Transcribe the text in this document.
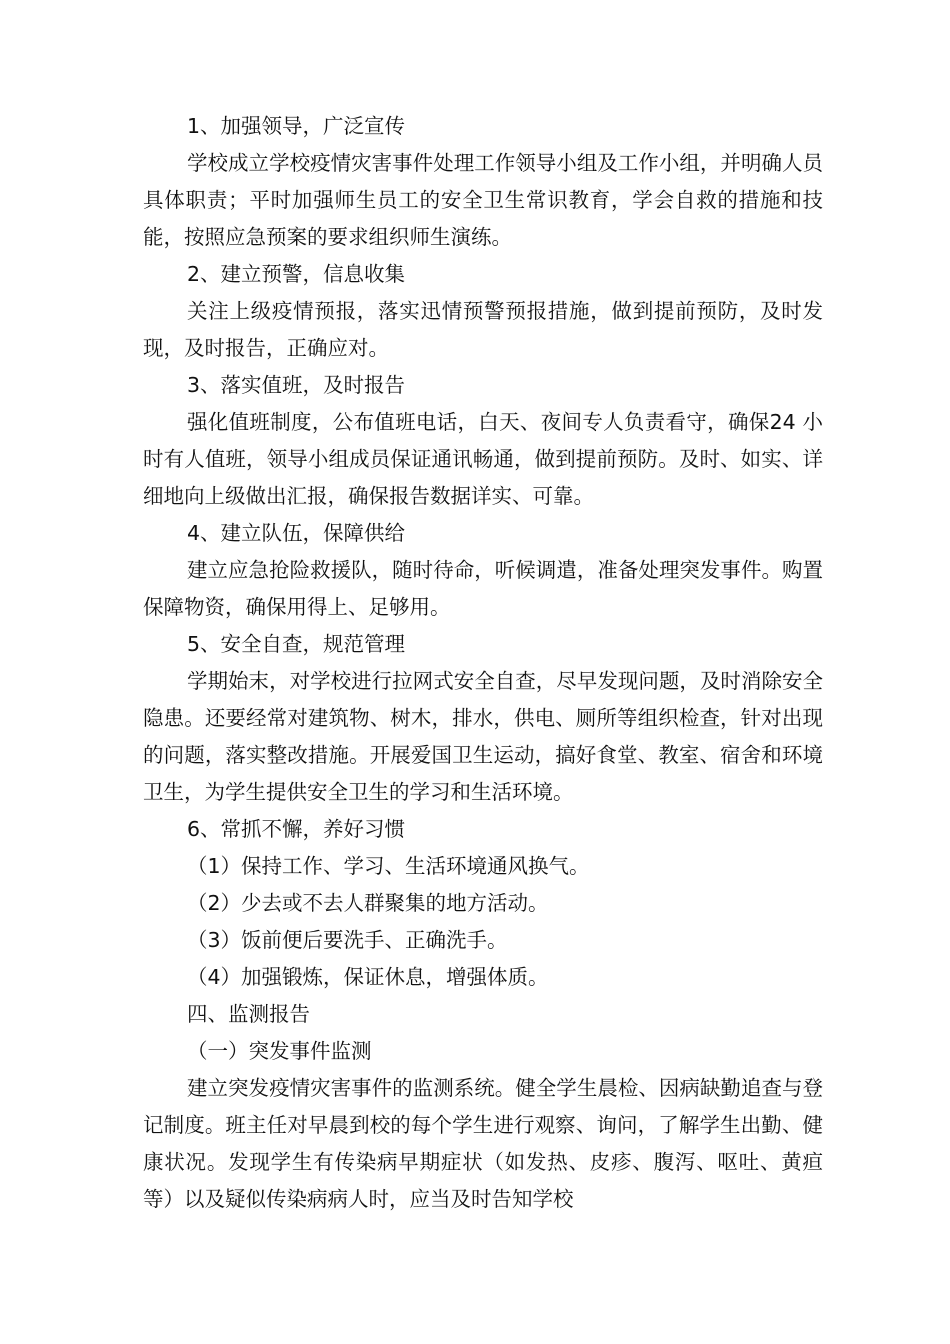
1、加强领导，广泛宣传

学校成立学校疫情灾害事件处理工作领导小组及工作小组，并明确人员具体职责；平时加强师生员工的安全卫生常识教育，学会自救的措施和技能，按照应急预案的要求组织师生演练。

2、建立预警，信息收集

关注上级疫情预报，落实迅情预警预报措施，做到提前预防，及时发现，及时报告，正确应对。

3、落实值班，及时报告

强化值班制度，公布值班电话，白天、夜间专人负责看守，确保24 小时有人值班，领导小组成员保证通讯畅通，做到提前预防。及时、如实、详细地向上级做出汇报，确保报告数据详实、可靠。

4、建立队伍，保障供给

建立应急抢险救援队，随时待命，听候调遣，准备处理突发事件。购置保障物资，确保用得上、足够用。

5、安全自查，规范管理

学期始末，对学校进行拉网式安全自查，尽早发现问题，及时消除安全隐患。还要经常对建筑物、树木，排水，供电、厕所等组织检查，针对出现的问题，落实整改措施。开展爱国卫生运动，搞好食堂、教室、宿舍和环境卫生，为学生提供安全卫生的学习和生活环境。

6、常抓不懈，养好习惯

（1）保持工作、学习、生活环境通风换气。

（2）少去或不去人群聚集的地方活动。

（3）饭前便后要洗手、正确洗手。

（4）加强锻炼，保证休息，增强体质。

四、监测报告

（一）突发事件监测

建立突发疫情灾害事件的监测系统。健全学生晨检、因病缺勤追查与登记制度。班主任对早晨到校的每个学生进行观察、询问，了解学生出勤、健康状况。发现学生有传染病早期症状（如发热、皮疹、腹泻、呕吐、黄疸等）以及疑似传染病病人时，应当及时告知学校
